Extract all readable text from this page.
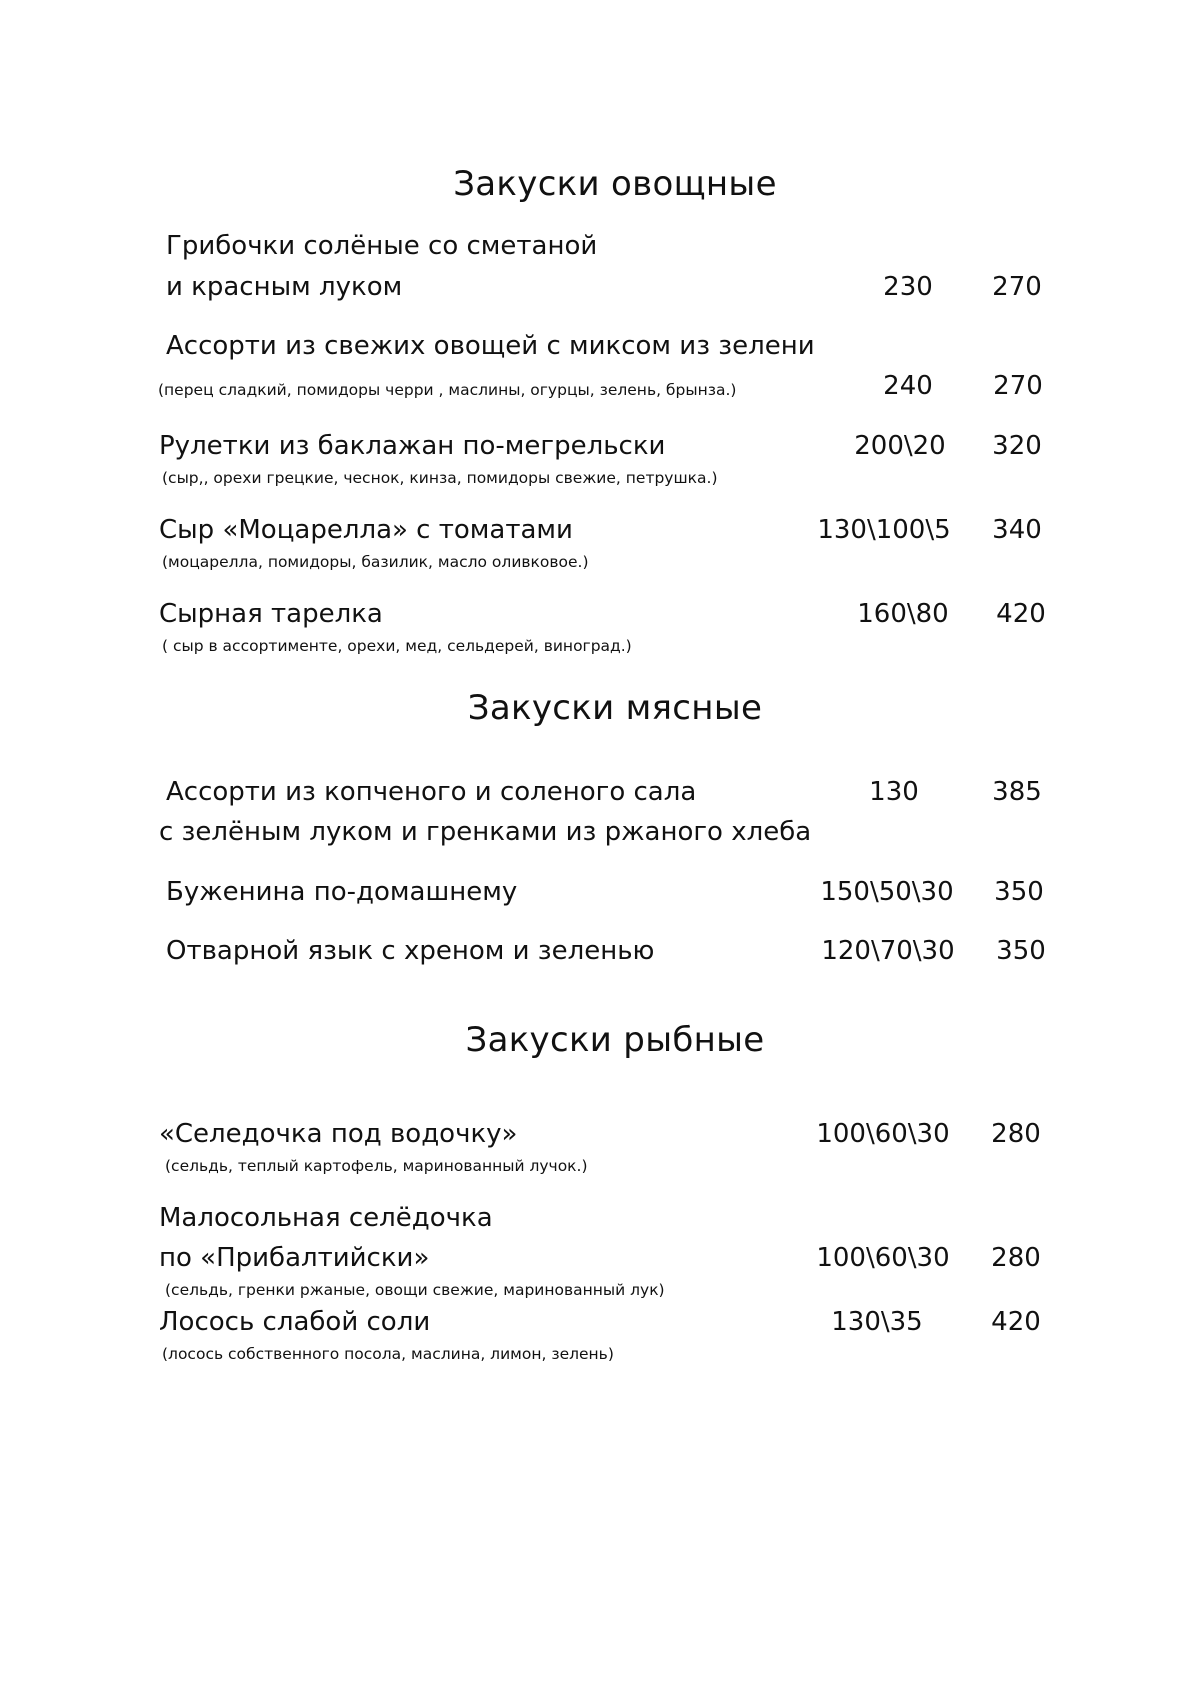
Закуски овощные
Грибочки солёные со сметаной
и красным луком	230	270
Ассорти из свежих овощей с миксом из зелени
(перец сладкий, помидоры черри , маслины, огурцы, зелень, брынза.)	240	270
Рулетки из баклажан по-мегрельски
(сыр,, орехи грецкие, чеснок, кинза, помидоры свежие, петрушка.)
200\20	320
Сыр «Моцарелла» с томатами
(моцарелла, помидоры, базилик, масло оливковое.)
130\100\5	340
Сырная тарелка
( сыр в ассортименте, орехи, мед, сельдерей, виноград.)
160\80	420
Закуски мясные
Ассорти из копченого и соленого сала
с зелёным луком и гренками из ржаного хлеба
130	385
Буженина по-домашнему	150\50\30	350
Отварной язык с хреном и зеленью	120\70\30	350
Закуски рыбные
«Селедочка под водочку»
(сельдь, теплый картофель, маринованный лучок.)
100\60\30	280
Малосольная селёдочка
по «Прибалтийски»
(сельдь, гренки ржаные, овощи свежие, маринованный лук)
100\60\30	280
Лосось слабой соли
(лосось собственного посола, маслина, лимон, зелень)
130\35	420
